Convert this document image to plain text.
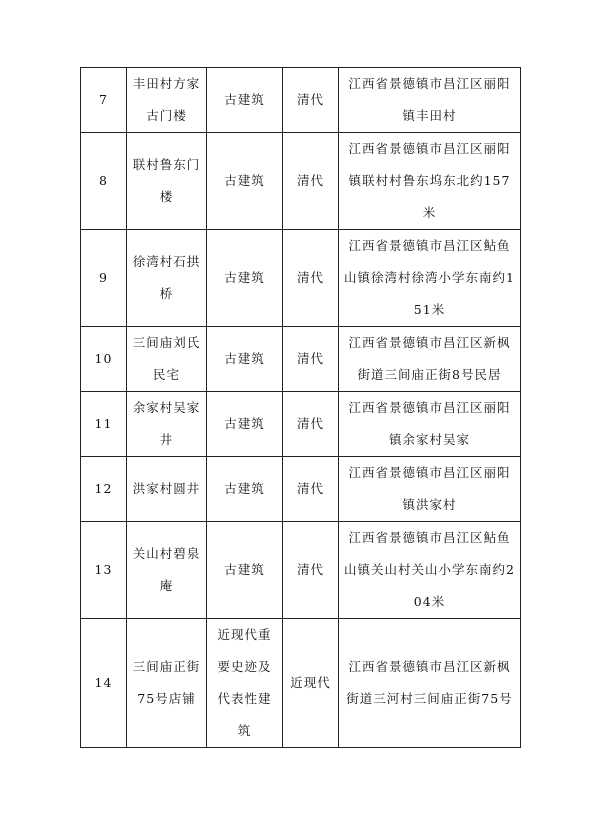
7	丰田村方家古门楼	古建筑	清代	江西省景德镇市昌江区丽阳镇丰田村
8	联村鲁东门楼	古建筑	清代	江西省景德镇市昌江区丽阳镇联村村鲁东坞东北约157米
9	徐湾村石拱桥	古建筑	清代	江西省景德镇市昌江区鲇鱼山镇徐湾村徐湾小学东南约151米
10	三间庙刘氏民宅	古建筑	清代	江西省景德镇市昌江区新枫街道三间庙正街8号民居
11	余家村吴家井	古建筑	清代	江西省景德镇市昌江区丽阳镇余家村吴家
12	洪家村圆井	古建筑	清代	江西省景德镇市昌江区丽阳镇洪家村
13	关山村碧泉庵	古建筑	清代	江西省景德镇市昌江区鲇鱼山镇关山村关山小学东南约204米
14	三间庙正街75号店铺	近现代重要史迹及代表性建筑	近现代	江西省景德镇市昌江区新枫街道三河村三间庙正街75号
